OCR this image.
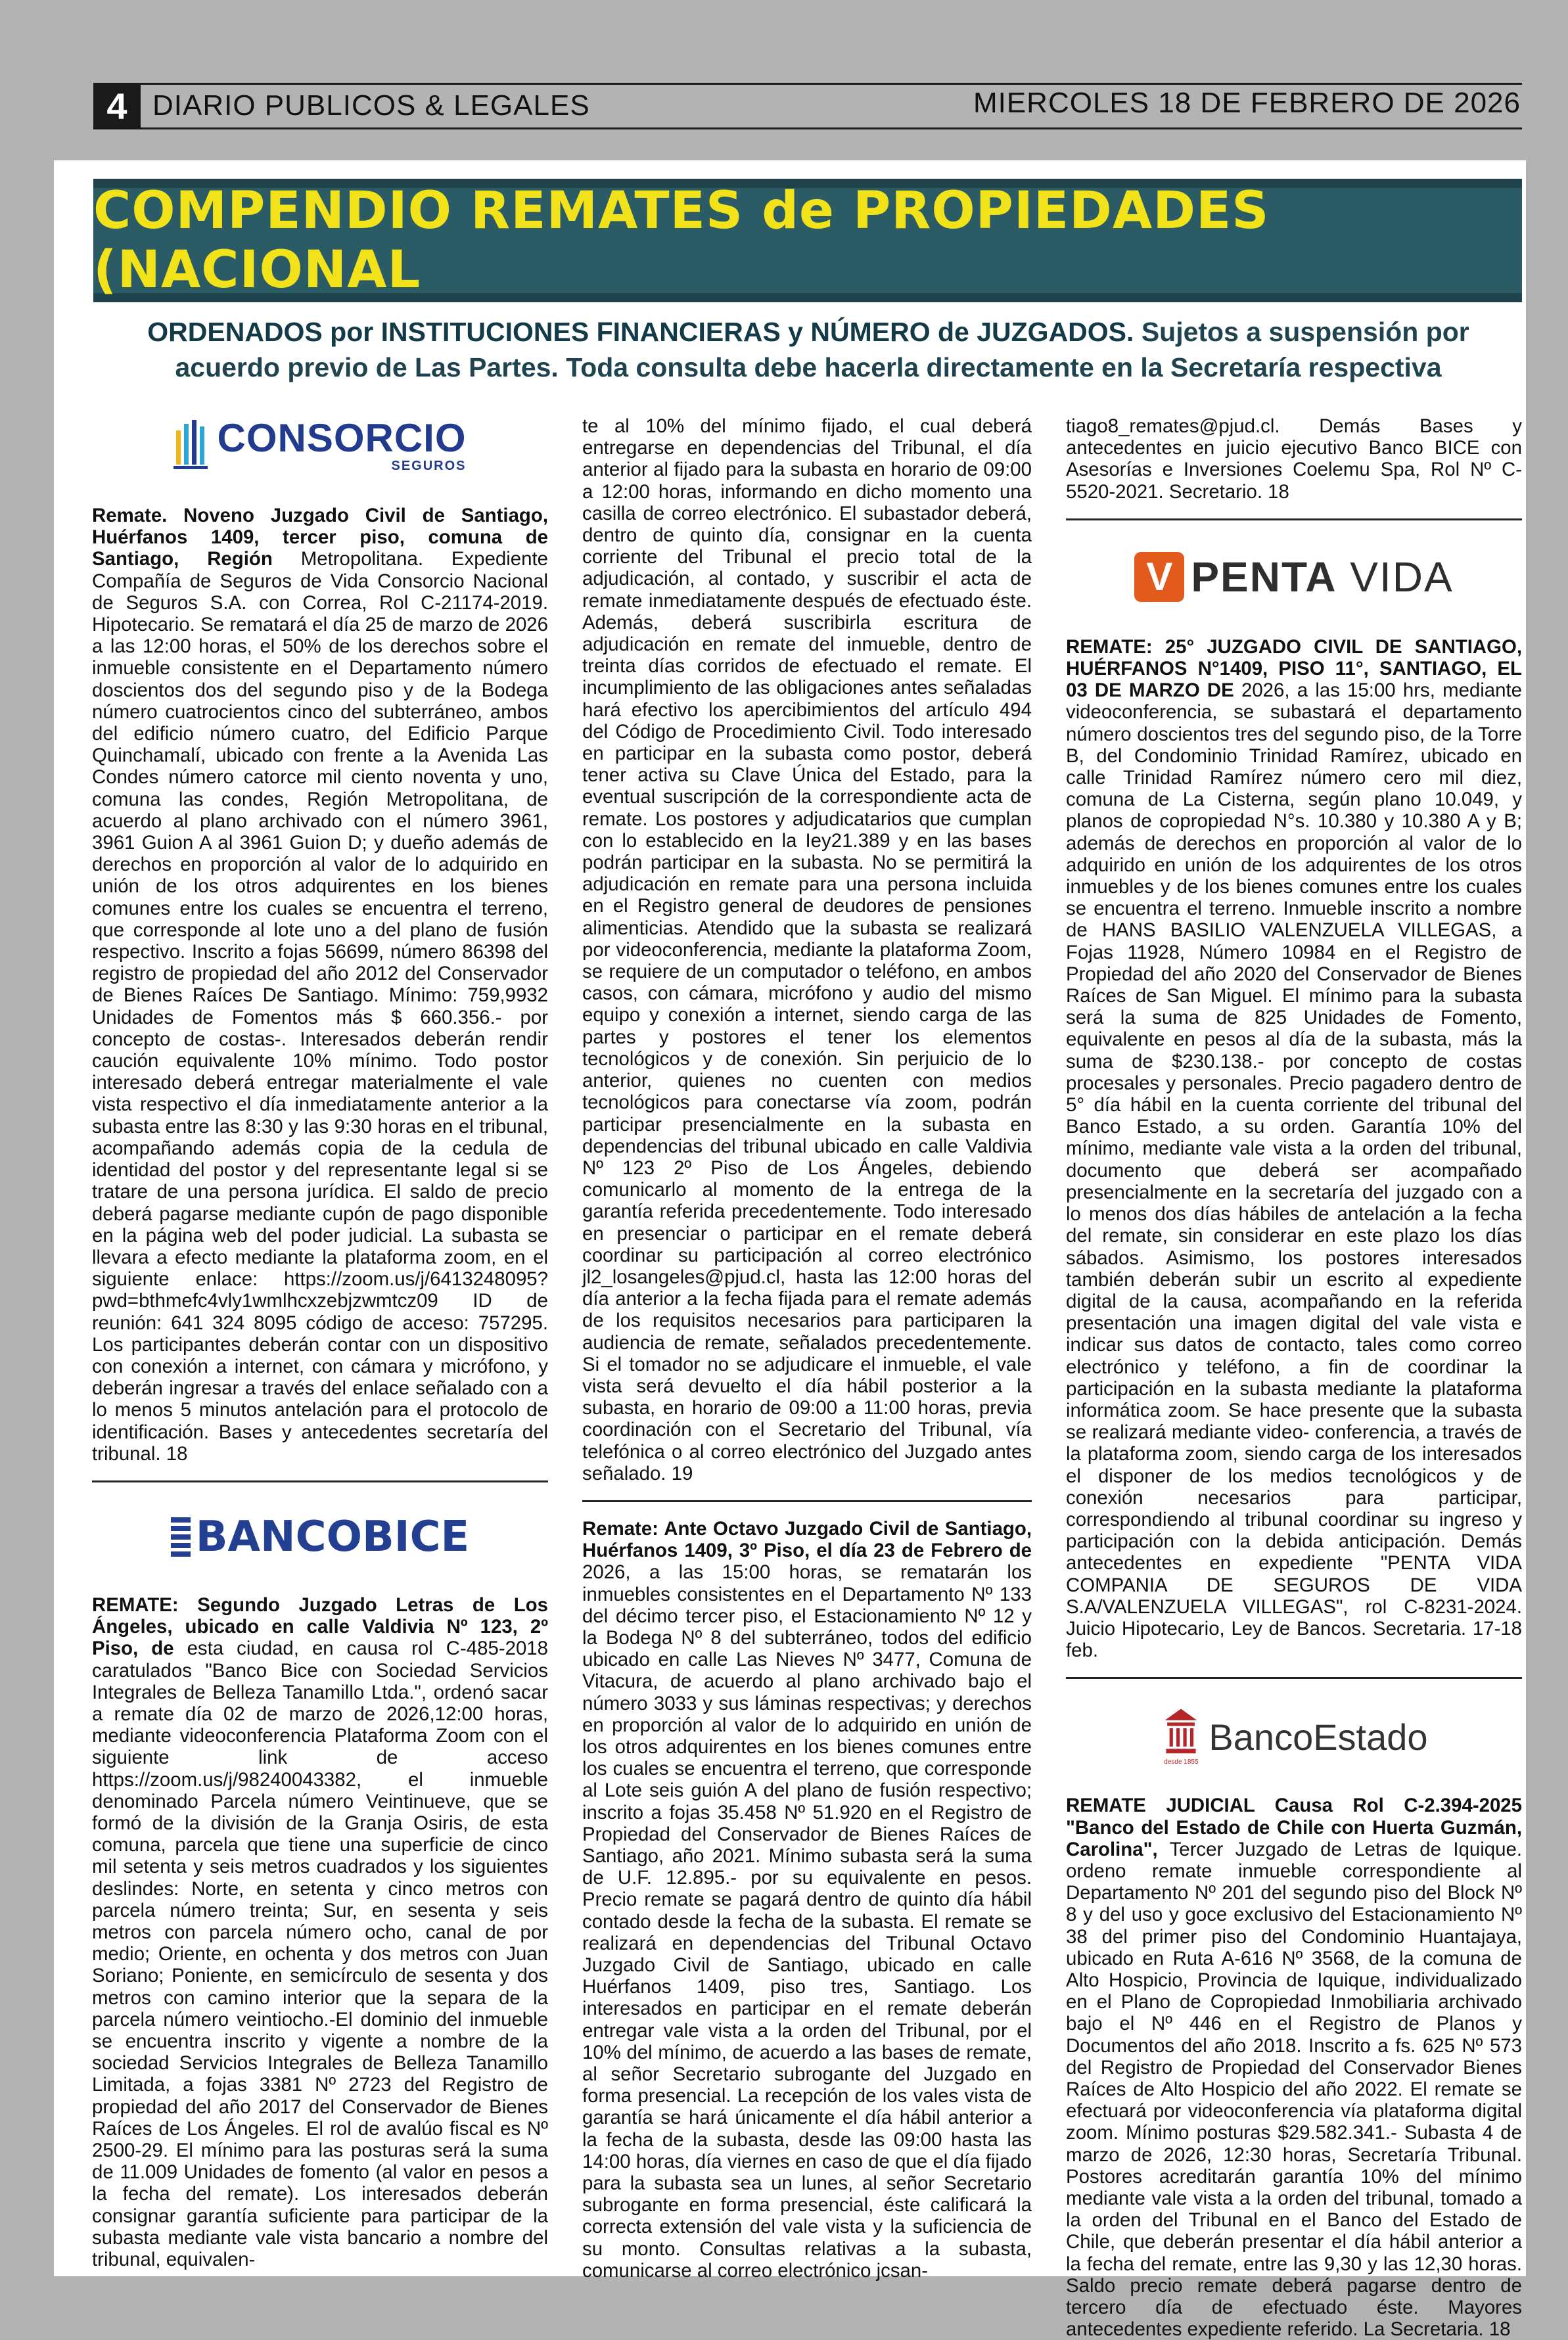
4 DIARIO PUBLICOS & LEGALES	MIERCOLES 18 DE FEBRERO DE 2026
COMPENDIO REMATES de PROPIEDADES (NACIONAL
ORDENADOS por INSTITUCIONES FINANCIERAS y NÚMERO de JUZGADOS. Sujetos a suspensión por acuerdo previo de Las Partes. Toda consulta debe hacerla directamente en la Secretaría respectiva
CONSORCIO
SEGUROS

Remate. Noveno Juzgado Civil de Santiago, Huérfanos 1409, tercer piso, comuna de Santiago, Región Metropolitana. Expediente Compañía de Seguros de Vida Consorcio Nacional de Seguros S.A. con Correa, Rol C-21174-2019. Hipotecario. Se rematará el día 25 de marzo de 2026 a las 12:00 horas, el 50% de los derechos sobre el inmueble consistente en el Departamento número doscientos dos del segundo piso y de la Bodega número cuatrocientos cinco del subterráneo, ambos del edificio número cuatro, del Edificio Parque Quinchamalí, ubicado con frente a la Avenida Las Condes número catorce mil ciento noventa y uno, comuna las condes, Región Metropolitana, de acuerdo al plano archivado con el número 3961, 3961 Guion A al 3961 Guion D; y dueño además de derechos en proporción al valor de lo adquirido en unión de los otros adquirentes en los bienes comunes entre los cuales se encuentra el terreno, que corresponde al lote uno a del plano de fusión respectivo. Inscrito a fojas 56699, número 86398 del registro de propiedad del año 2012 del Conservador de Bienes Raíces De Santiago. Mínimo: 759,9932 Unidades de Fomentos más $ 660.356.- por concepto de costas-. Interesados deberán rendir caución equivalente 10% mínimo. Todo postor interesado deberá entregar materialmente el vale vista respectivo el día inmediatamente anterior a la subasta entre las 8:30 y las 9:30 horas en el tribunal, acompañando además copia de la cedula de identidad del postor y del representante legal si se tratare de una persona jurídica. El saldo de precio deberá pagarse mediante cupón de pago disponible en la página web del poder judicial. La subasta se llevara a efecto mediante la plataforma zoom, en el siguiente enlace: https://zoom.us/j/6413248095?pwd=bthmefc4vly1wmlhcxzebjzwmtcz09 ID de reunión: 641 324 8095 código de acceso: 757295. Los participantes deberán contar con un dispositivo con conexión a internet, con cámara y micrófono, y deberán ingresar a través del enlace señalado con a lo menos 5 minutos antelación para el protocolo de identificación. Bases y antecedentes secretaría del tribunal. 18

BANCOBICE

REMATE: Segundo Juzgado Letras de Los Ángeles, ubicado en calle Valdivia Nº 123, 2º Piso, de esta ciudad, en causa rol C-485-2018 caratulados "Banco Bice con Sociedad Servicios Integrales de Belleza Tanamillo Ltda.", ordenó sacar a remate día 02 de marzo de 2026,12:00 horas, mediante videoconferencia Plataforma Zoom con el siguiente link de acceso https://zoom.us/j/98240043382, el inmueble denominado Parcela número Veintinueve, que se formó de la división de la Granja Osiris, de esta comuna, parcela que tiene una superficie de cinco mil setenta y seis metros cuadrados y los siguientes deslindes: Norte, en setenta y cinco metros con parcela número treinta; Sur, en sesenta y seis metros con parcela número ocho, canal de por medio; Oriente, en ochenta y dos metros con Juan Soriano; Poniente, en semicírculo de sesenta y dos metros con camino interior que la separa de la parcela número veintiocho.-El dominio del inmueble se encuentra inscrito y vigente a nombre de la sociedad Servicios Integrales de Belleza Tanamillo Limitada, a fojas 3381 Nº 2723 del Registro de propiedad del año 2017 del Conservador de Bienes Raíces de Los Ángeles. El rol de avalúo fiscal es Nº 2500-29. El mínimo para las posturas será la suma de 11.009 Unidades de fomento (al valor en pesos a la fecha del remate). Los interesados deberán consignar garantía suficiente para participar de la subasta mediante vale vista bancario a nombre del tribunal, equivalen-

te al 10% del mínimo fijado, el cual deberá entregarse en dependencias del Tribunal, el día anterior al fijado para la subasta en horario de 09:00 a 12:00 horas, informando en dicho momento una casilla de correo electrónico. El subastador deberá, dentro de quinto día, consignar en la cuenta corriente del Tribunal el precio total de la adjudicación, al contado, y suscribir el acta de remate inmediatamente después de efectuado éste. Además, deberá suscribirla escritura de adjudicación en remate del inmueble, dentro de treinta días corridos de efectuado el remate. El incumplimiento de las obligaciones antes señaladas hará efectivo los apercibimientos del artículo 494 del Código de Procedimiento Civil. Todo interesado en participar en la subasta como postor, deberá tener activa su Clave Única del Estado, para la eventual suscripción de la correspondiente acta de remate. Los postores y adjudicatarios que cumplan con lo establecido en la Iey21.389 y en las bases podrán participar en la subasta. No se permitirá la adjudicación en remate para una persona incluida en el Registro general de deudores de pensiones alimenticias. Atendido que la subasta se realizará por videoconferencia, mediante la plataforma Zoom, se requiere de un computador o teléfono, en ambos casos, con cámara, micrófono y audio del mismo equipo y conexión a internet, siendo carga de las partes y postores el tener los elementos tecnológicos y de conexión. Sin perjuicio de lo anterior, quienes no cuenten con medios tecnológicos para conectarse vía zoom, podrán participar presencialmente en la subasta en dependencias del tribunal ubicado en calle Valdivia Nº 123 2º Piso de Los Ángeles, debiendo comunicarlo al momento de la entrega de la garantía referida precedentemente. Todo interesado en presenciar o participar en el remate deberá coordinar su participación al correo electrónico jl2_losangeles@pjud.cl, hasta las 12:00 horas del día anterior a la fecha fijada para el remate además de los requisitos necesarios para participaren la audiencia de remate, señalados precedentemente. Si el tomador no se adjudicare el inmueble, el vale vista será devuelto el día hábil posterior a la subasta, en horario de 09:00 a 11:00 horas, previa coordinación con el Secretario del Tribunal, vía telefónica o al correo electrónico del Juzgado antes señalado. 19

Remate: Ante Octavo Juzgado Civil de Santiago, Huérfanos 1409, 3º Piso, el día 23 de Febrero de 2026, a las 15:00 horas, se rematarán los inmuebles consistentes en el Departamento Nº 133 del décimo tercer piso, el Estacionamiento Nº 12 y la Bodega Nº 8 del subterráneo, todos del edificio ubicado en calle Las Nieves Nº 3477, Comuna de Vitacura, de acuerdo al plano archivado bajo el número 3033 y sus láminas respectivas; y derechos en proporción al valor de lo adquirido en unión de los otros adquirentes en los bienes comunes entre los cuales se encuentra el terreno, que corresponde al Lote seis guión A del plano de fusión respectivo; inscrito a fojas 35.458 Nº 51.920 en el Registro de Propiedad del Conservador de Bienes Raíces de Santiago, año 2021. Mínimo subasta será la suma de U.F. 12.895.- por su equivalente en pesos. Precio remate se pagará dentro de quinto día hábil contado desde la fecha de la subasta. El remate se realizará en dependencias del Tribunal Octavo Juzgado Civil de Santiago, ubicado en calle Huérfanos 1409, piso tres, Santiago. Los interesados en participar en el remate deberán entregar vale vista a la orden del Tribunal, por el 10% del mínimo, de acuerdo a las bases de remate, al señor Secretario subrogante del Juzgado en forma presencial. La recepción de los vales vista de garantía se hará únicamente el día hábil anterior a la fecha de la subasta, desde las 09:00 hasta las 14:00 horas, día viernes en caso de que el día fijado para la subasta sea un lunes, al señor Secretario subrogante en forma presencial, éste calificará la correcta extensión del vale vista y la suficiencia de su monto. Consultas relativas a la subasta, comunicarse al correo electrónico jcsan-

tiago8_remates@pjud.cl. Demás Bases y antecedentes en juicio ejecutivo Banco BICE con Asesorías e Inversiones Coelemu Spa, Rol Nº C-5520-2021. Secretario. 18

V PENTA VIDA

REMATE: 25° JUZGADO CIVIL DE SANTIAGO, HUÉRFANOS N°1409, PISO 11°, SANTIAGO, EL 03 DE MARZO DE 2026, a las 15:00 hrs, mediante videoconferencia, se subastará el departamento número doscientos tres del segundo piso, de la Torre B, del Condominio Trinidad Ramírez, ubicado en calle Trinidad Ramírez número cero mil diez, comuna de La Cisterna, según plano 10.049, y planos de copropiedad N°s. 10.380 y 10.380 A y B; además de derechos en proporción al valor de lo adquirido en unión de los adquirentes de los otros inmuebles y de los bienes comunes entre los cuales se encuentra el terreno. Inmueble inscrito a nombre de HANS BASILIO VALENZUELA VILLEGAS, a Fojas 11928, Número 10984 en el Registro de Propiedad del año 2020 del Conservador de Bienes Raíces de San Miguel. El mínimo para la subasta será la suma de 825 Unidades de Fomento, equivalente en pesos al día de la subasta, más la suma de $230.138.- por concepto de costas procesales y personales. Precio pagadero dentro de 5° día hábil en la cuenta corriente del tribunal del Banco Estado, a su orden. Garantía 10% del mínimo, mediante vale vista a la orden del tribunal, documento que deberá ser acompañado presencialmente en la secretaría del juzgado con a lo menos dos días hábiles de antelación a la fecha del remate, sin considerar en este plazo los días sábados. Asimismo, los postores interesados también deberán subir un escrito al expediente digital de la causa, acompañando en la referida presentación una imagen digital del vale vista e indicar sus datos de contacto, tales como correo electrónico y teléfono, a fin de coordinar la participación en la subasta mediante la plataforma informática zoom. Se hace presente que la subasta se realizará mediante video- conferencia, a través de la plataforma zoom, siendo carga de los interesados el disponer de los medios tecnológicos y de conexión necesarios para participar, correspondiendo al tribunal coordinar su ingreso y participación con la debida anticipación. Demás antecedentes en expediente "PENTA VIDA COMPANIA DE SEGUROS DE VIDA S.A/VALENZUELA VILLEGAS", rol C-8231-2024. Juicio Hipotecario, Ley de Bancos. Secretaria. 17-18 feb.

desde 1855
BancoEstado

REMATE JUDICIAL Causa Rol C-2.394-2025 "Banco del Estado de Chile con Huerta Guzmán, Carolina", Tercer Juzgado de Letras de Iquique. ordeno remate inmueble correspondiente al Departamento Nº 201 del segundo piso del Block Nº 8 y del uso y goce exclusivo del Estacionamiento Nº 38 del primer piso del Condominio Huantajaya, ubicado en Ruta A-616 Nº 3568, de la comuna de Alto Hospicio, Provincia de Iquique, individualizado en el Plano de Copropiedad Inmobiliaria archivado bajo el Nº 446 en el Registro de Planos y Documentos del año 2018. Inscrito a fs. 625 Nº 573 del Registro de Propiedad del Conservador Bienes Raíces de Alto Hospicio del año 2022. El remate se efectuará por videoconferencia vía plataforma digital zoom. Mínimo posturas $29.582.341.- Subasta 4 de marzo de 2026, 12:30 horas, Secretaría Tribunal. Postores acreditarán garantía 10% del mínimo mediante vale vista a la orden del tribunal, tomado a la orden del Tribunal en el Banco del Estado de Chile, que deberán presentar el día hábil anterior a la fecha del remate, entre las 9,30 y las 12,30 horas. Saldo precio remate deberá pagarse dentro de tercero día de efectuado éste. Mayores antecedentes expediente referido. La Secretaria. 18
